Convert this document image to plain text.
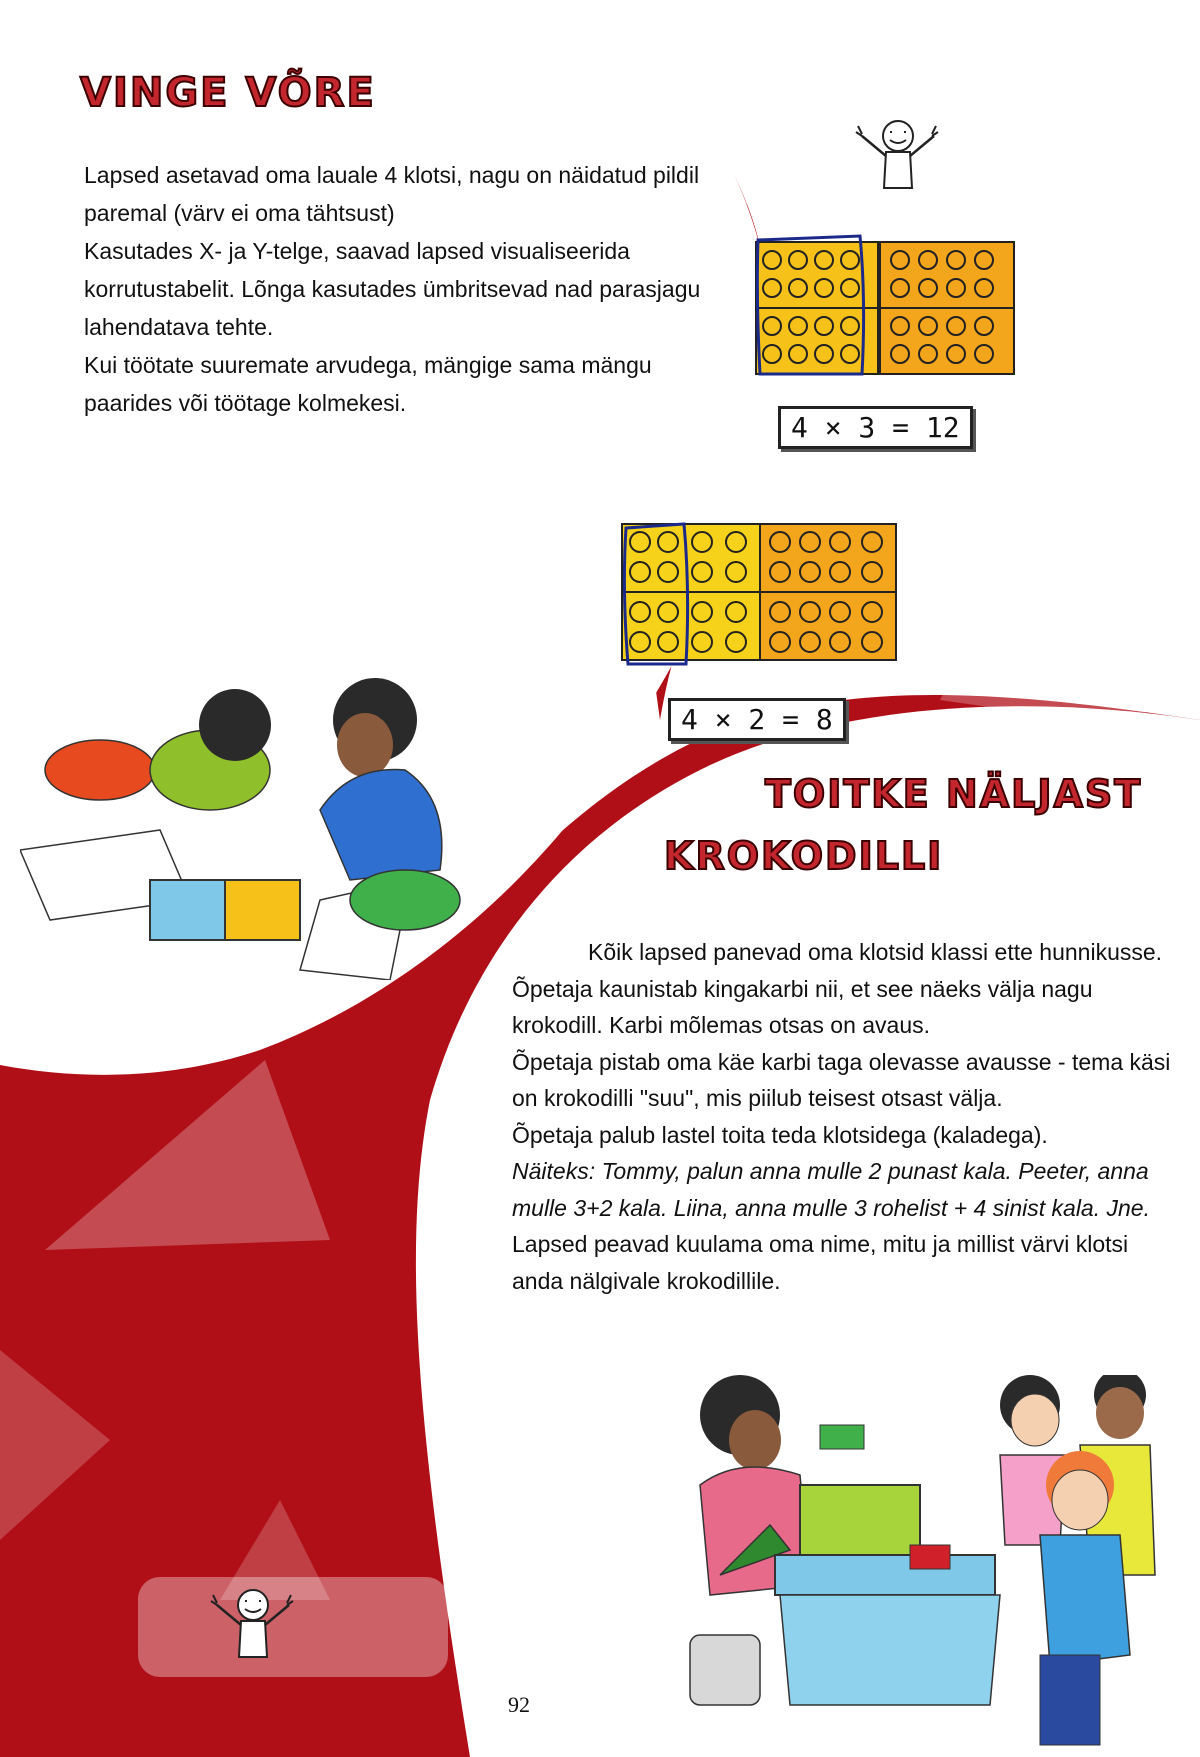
VINGE VÕRE

Lapsed asetavad oma lauale 4 klotsi, nagu on näidatud pildil paremal (värv ei oma tähtsust)

Kasutades X- ja Y-telge, saavad lapsed visualiseerida korrutustabelit. Lõnga kasutades ümbritsevad nad parasjagu lahendatava tehte.

Kui töötate suuremate arvudega, mängige sama mängu paarides või töötage kolmekesi.

4 × 3 = 12
4 × 2 = 8
TOITKE NÄLJAST
KROKODILLI

Kõik lapsed panevad oma klotsid klassi ette hunnikusse.

Õpetaja kaunistab kingakarbi nii, et see näeks välja nagu krokodill. Karbi mõlemas otsas on avaus.

Õpetaja pistab oma käe karbi taga olevasse avausse - tema käsi on krokodilli "suu", mis piilub teisest otsast välja.

Õpetaja palub lastel toita teda klotsidega (kaladega).

Näiteks: Tommy, palun anna mulle 2 punast kala. Peeter, anna mulle 3+2 kala. Liina, anna mulle 3 rohelist + 4 sinist kala. Jne.

Lapsed peavad kuulama oma nime, mitu ja millist värvi klotsi anda nälgivale krokodillile.

92
